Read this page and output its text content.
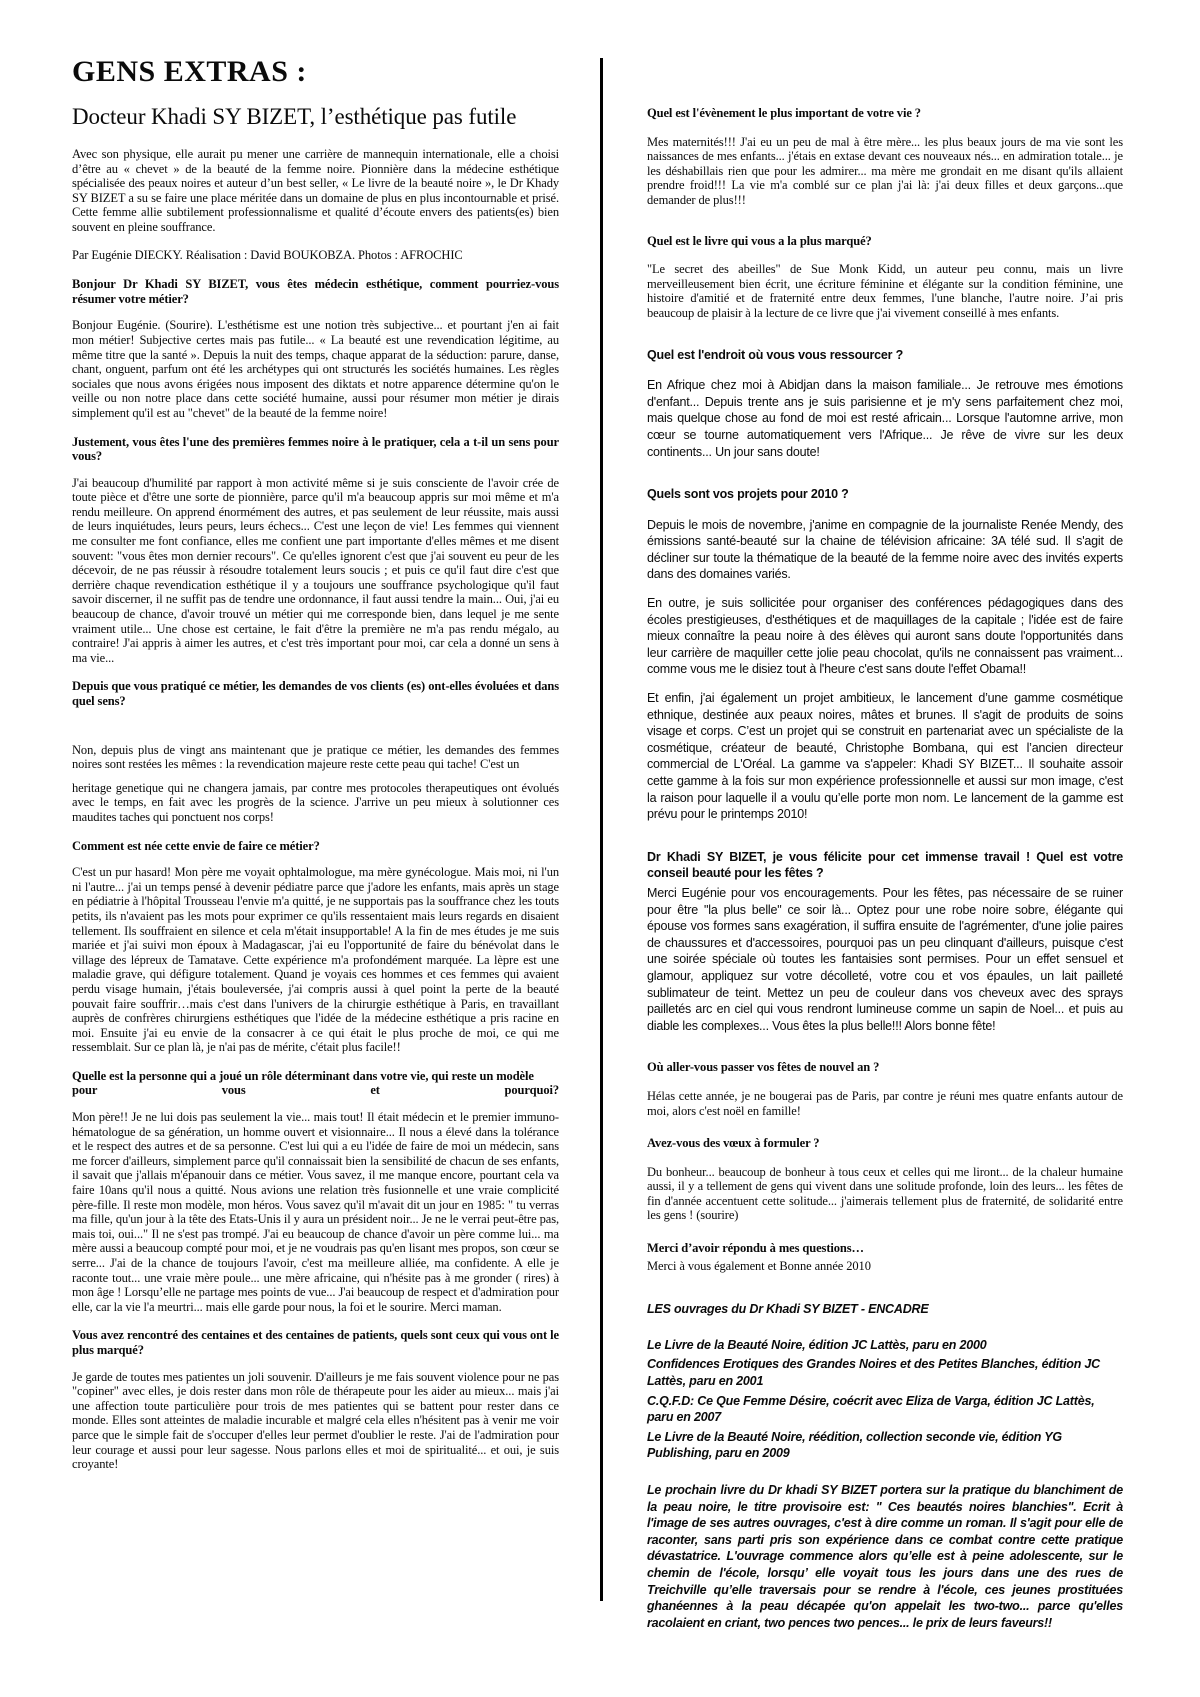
GENS EXTRAS :
Docteur Khadi SY BIZET, l’esthétique pas futile

Avec son physique, elle aurait pu mener une carrière de mannequin internationale, elle a choisi d’être au « chevet » de la beauté de la femme noire. Pionnière dans la médecine esthétique spécialisée des peaux noires et auteur d’un best seller, « Le livre de la beauté noire », le Dr Khady SY BIZET a su se faire une place méritée dans un domaine de plus en plus incontournable et prisé. Cette femme allie subtilement professionnalisme et qualité d’écoute envers des patients(es) bien souvent en pleine souffrance.

Par Eugénie DIECKY. Réalisation : David BOUKOBZA. Photos : AFROCHIC

Bonjour Dr Khadi SY BIZET, vous êtes médecin esthétique, comment pourriez-vous résumer votre métier?

Bonjour Eugénie. (Sourire). L'esthétisme est une notion très subjective... et pourtant j'en ai fait mon métier! Subjective certes mais pas futile... « La beauté est une revendication légitime, au même titre que la santé ». Depuis la nuit des temps, chaque apparat de la séduction: parure, danse, chant, onguent, parfum ont été les archétypes qui ont structurés les sociétés humaines. Les règles sociales que nous avons érigées nous imposent des diktats et notre apparence détermine qu'on le veille ou non notre place dans cette société humaine, aussi pour résumer mon métier je dirais simplement qu'il est au "chevet" de la beauté de la femme noire!

Justement, vous êtes l'une des premières femmes noire à le pratiquer, cela a t-il un sens pour vous?

J'ai beaucoup d'humilité par rapport à mon activité même si je suis consciente de l'avoir crée de toute pièce et d'être une sorte de pionnière, parce qu'il m'a beaucoup appris sur moi même et m'a rendu meilleure. On apprend énormément des autres, et pas seulement de leur réussite, mais aussi de leurs inquiétudes, leurs peurs, leurs échecs... C'est une leçon de vie! Les femmes qui viennent me consulter me font confiance, elles me confient une part importante d'elles mêmes et me disent souvent: "vous êtes mon dernier recours". Ce qu'elles ignorent c'est que j'ai souvent eu peur de les décevoir, de ne pas réussir à résoudre totalement leurs soucis ; et puis ce qu'il faut dire c'est que derrière chaque revendication esthétique il y a toujours une souffrance psychologique qu'il faut savoir discerner, il ne suffit pas de tendre une ordonnance, il faut aussi tendre la main... Oui, j'ai eu beaucoup de chance, d'avoir trouvé un métier qui me corresponde bien, dans lequel je me sente vraiment utile... Une chose est certaine, le fait d'être la première ne m'a pas rendu mégalo, au contraire! J'ai appris à aimer les autres, et c'est très important pour moi, car cela a donné un sens à ma vie...

Depuis que vous pratiqué ce métier, les demandes de vos clients (es) ont-elles évoluées et dans quel sens?

Non, depuis plus de vingt ans maintenant que je pratique ce métier, les demandes des femmes noires sont restées les mêmes : la revendication majeure reste cette peau qui tache! C'est un

heritage genetique qui ne changera jamais, par contre mes protocoles therapeutiques ont évolués avec le temps, en fait avec les progrès de la science. J'arrive un peu mieux à solutionner ces maudites taches qui ponctuent nos corps!

Comment est née cette envie de faire ce métier?

C'est un pur hasard! Mon père me voyait ophtalmologue, ma mère gynécologue. Mais moi, ni l'un ni l'autre... j'ai un temps pensé à devenir pédiatre parce que j'adore les enfants, mais après un stage en pédiatrie à l'hôpital Trousseau l'envie m'a quitté, je ne supportais pas la souffrance chez les touts petits, ils n'avaient pas les mots pour exprimer ce qu'ils ressentaient mais leurs regards en disaient tellement. Ils souffraient en silence et cela m'était insupportable! A la fin de mes études je me suis mariée et j'ai suivi mon époux à Madagascar, j'ai eu l'opportunité de faire du bénévolat dans le village des lépreux de Tamatave. Cette expérience m'a profondément marquée. La lèpre est une maladie grave, qui défigure totalement. Quand je voyais ces hommes et ces femmes qui avaient perdu visage humain, j'étais bouleversée, j'ai compris aussi à quel point la perte de la beauté pouvait faire souffrir…mais c'est dans l'univers de la chirurgie esthétique à Paris, en travaillant auprès de confrères chirurgiens esthétiques que l'idée de la médecine esthétique a pris racine en moi. Ensuite j'ai eu envie de la consacrer à ce qui était le plus proche de moi, ce qui me ressemblait. Sur ce plan là, je n'ai pas de mérite, c'était plus facile!!

Quelle est la personne qui a joué un rôle déterminant dans votre vie, qui reste un modèle

pour vous et pourquoi?

Mon père!! Je ne lui dois pas seulement la vie... mais tout! Il était médecin et le premier immuno-hématologue de sa génération, un homme ouvert et visionnaire... Il nous a élevé dans la tolérance et le respect des autres et de sa personne. C'est lui qui a eu l'idée de faire de moi un médecin, sans me forcer d'ailleurs, simplement parce qu'il connaissait bien la sensibilité de chacun de ses enfants, il savait que j'allais m'épanouir dans ce métier. Vous savez, il me manque encore, pourtant cela va faire 10ans qu'il nous a quitté. Nous avions une relation très fusionnelle et une vraie complicité père-fille. Il reste mon modèle, mon héros. Vous savez qu'il m'avait dit un jour en 1985: " tu verras ma fille, qu'un jour à la tête des Etats-Unis il y aura un président noir... Je ne le verrai peut-être pas, mais toi, oui..." Il ne s'est pas trompé. J'ai eu beaucoup de chance d'avoir un père comme lui... ma mère aussi a beaucoup compté pour moi, et je ne voudrais pas qu'en lisant mes propos, son cœur se serre... J'ai de la chance de toujours l'avoir, c'est ma meilleure alliée, ma confidente. A elle je raconte tout... une vraie mère poule... une mère africaine, qui n'hésite pas à me gronder ( rires) à mon âge ! Lorsqu’elle ne partage mes points de vue... J'ai beaucoup de respect et d'admiration pour elle, car la vie l'a meurtri... mais elle garde pour nous, la foi et le sourire. Merci maman.

Vous avez rencontré des centaines et des centaines de patients, quels sont ceux qui vous ont le plus marqué?

Je garde de toutes mes patientes un joli souvenir. D'ailleurs je me fais souvent violence pour ne pas "copiner" avec elles, je dois rester dans mon rôle de thérapeute pour les aider au mieux... mais j'ai une affection toute particulière pour trois de mes patientes qui se battent pour rester dans ce monde. Elles sont atteintes de maladie incurable et malgré cela elles n'hésitent pas à venir me voir parce que le simple fait de s'occuper d'elles leur permet d'oublier le reste. J'ai de l'admiration pour leur courage et aussi pour leur sagesse. Nous parlons elles et moi de spiritualité... et oui, je suis croyante!

Quel est l'évènement le plus important de votre vie ?

Mes maternités!!! J'ai eu un peu de mal à être mère... les plus beaux jours de ma vie sont les naissances de mes enfants... j'étais en extase devant ces nouveaux nés... en admiration totale... je les déshabillais rien que pour les admirer... ma mère me grondait en me disant qu'ils allaient prendre froid!!! La vie m'a comblé sur ce plan j'ai là: j'ai deux filles et deux garçons...que demander de plus!!!

Quel est le livre qui vous a la plus marqué?

"Le secret des abeilles" de Sue Monk Kidd, un auteur peu connu, mais un livre merveilleusement bien écrit, une écriture féminine et élégante sur la condition féminine, une histoire d'amitié et de fraternité entre deux femmes, l'une blanche, l'autre noire. J’ai pris beaucoup de plaisir à la lecture de ce livre que j'ai vivement conseillé à mes enfants.

Quel est l'endroit où vous vous ressourcer ?

En Afrique chez moi à Abidjan dans la maison familiale... Je retrouve mes émotions d'enfant... Depuis trente ans je suis parisienne et je m'y sens parfaitement chez moi, mais quelque chose au fond de moi est resté africain... Lorsque l'automne arrive, mon cœur se tourne automatiquement vers l'Afrique... Je rêve de vivre sur les deux continents... Un jour sans doute!

Quels sont vos projets pour 2010 ?

Depuis le mois de novembre, j'anime en compagnie de la journaliste Renée Mendy, des émissions santé-beauté sur la chaine de télévision africaine: 3A télé sud. Il s'agit de décliner sur toute la thématique de la beauté de la femme noire avec des invités experts dans des domaines variés.

En outre, je suis sollicitée pour organiser des conférences pédagogiques dans des écoles prestigieuses, d'esthétiques et de maquillages de la capitale ; l'idée est de faire mieux connaître la peau noire à des élèves qui auront sans doute l'opportunités dans leur carrière de maquiller cette jolie peau chocolat, qu'ils ne connaissent pas vraiment... comme vous me le disiez tout à l'heure c'est sans doute l'effet Obama!!

Et enfin, j'ai également un projet ambitieux, le lancement d’une gamme cosmétique ethnique, destinée aux peaux noires, mâtes et brunes. Il s'agit de produits de soins visage et corps. C’est un projet qui se construit en partenariat avec un spécialiste de la cosmétique, créateur de beauté, Christophe Bombana, qui est l’ancien directeur commercial de L'Oréal. La gamme va s'appeler: Khadi SY BIZET... Il souhaite assoir cette gamme à la fois sur mon expérience professionnelle et aussi sur mon image, c'est la raison pour laquelle il a voulu qu’elle porte mon nom. Le lancement de la gamme est prévu pour le printemps 2010!

Dr Khadi SY BIZET, je vous félicite pour cet immense travail ! Quel est votre conseil beauté pour les fêtes ?

Merci Eugénie pour vos encouragements. Pour les fêtes, pas nécessaire de se ruiner pour être "la plus belle" ce soir là... Optez pour une robe noire sobre, élégante qui épouse vos formes sans exagération, il suffira ensuite de l'agrémenter, d'une jolie paires de chaussures et d'accessoires, pourquoi pas un peu clinquant d'ailleurs, puisque c'est une soirée spéciale où toutes les fantaisies sont permises. Pour un effet sensuel et glamour, appliquez sur votre décolleté, votre cou et vos épaules, un lait pailleté sublimateur de teint. Mettez un peu de couleur dans vos cheveux avec des sprays pailletés arc en ciel qui vous rendront lumineuse comme un sapin de Noel... et puis au diable les complexes... Vous êtes la plus belle!!! Alors bonne fête!

Où aller-vous passer vos fêtes de nouvel an ?

Hélas cette année, je ne bougerai pas de Paris, par contre je réuni mes quatre enfants autour de moi, alors c'est noël en famille!

Avez-vous des vœux à formuler ?

Du bonheur... beaucoup de bonheur à tous ceux et celles qui me liront... de la chaleur humaine aussi, il y a tellement de gens qui vivent dans une solitude profonde, loin des leurs... les fêtes de fin d'année accentuent cette solitude... j'aimerais tellement plus de fraternité, de solidarité entre les gens ! (sourire)

Merci d’avoir répondu à mes questions…

Merci à vous également et Bonne année 2010

LES ouvrages du Dr Khadi SY BIZET - ENCADRE

Le Livre de la Beauté Noire, édition JC Lattès, paru en 2000

Confidences Erotiques des Grandes Noires et des Petites Blanches, édition JC Lattès, paru en 2001

C.Q.F.D: Ce Que Femme Désire, coécrit avec Eliza de Varga, édition JC Lattès, paru en 2007

Le Livre de la Beauté Noire, réédition, collection seconde vie, édition YG Publishing, paru en 2009

Le prochain livre du Dr khadi SY BIZET portera sur la pratique du blanchiment de la peau noire, le titre provisoire est: " Ces beautés noires blanchies". Ecrit à l'image de ses autres ouvrages, c'est à dire comme un roman. Il s'agit pour elle de raconter, sans parti pris son expérience dans ce combat contre cette pratique dévastatrice. L'ouvrage commence alors qu’elle est à peine adolescente, sur le chemin de l'école, lorsqu’ elle voyait tous les jours dans une des rues de Treichville qu’elle traversais pour se rendre à l'école, ces jeunes prostituées ghanéennes à la peau décapée qu'on appelait les two-two... parce qu'elles racolaient en criant, two pences two pences... le prix de leurs faveurs!!
